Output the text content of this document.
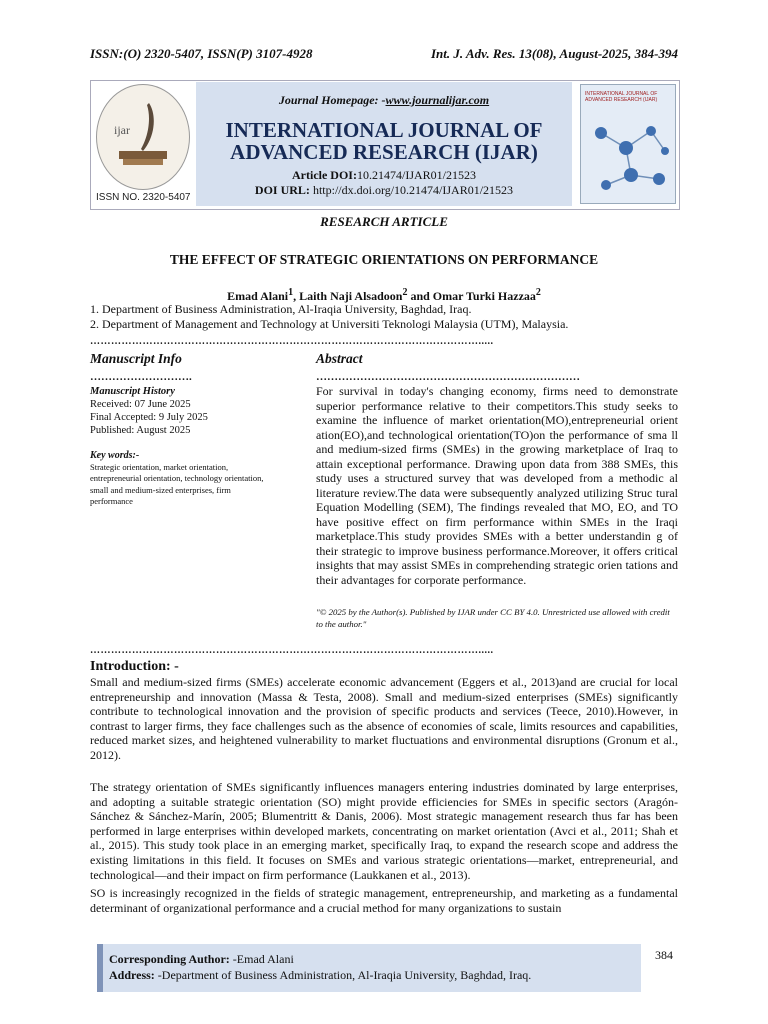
ISSN:(O) 2320-5407, ISSN(P) 3107-4928	Int. J. Adv. Res. 13(08), August-2025, 384-394
ijar
ISSN NO. 2320-5407
Journal Homepage: -www.journalijar.com
INTERNATIONAL JOURNAL OF
ADVANCED RESEARCH (IJAR)
Article DOI:10.21474/IJAR01/21523
DOI URL: http://dx.doi.org/10.21474/IJAR01/21523
INTERNATIONAL JOURNAL OF ADVANCED RESEARCH (IJAR)
RESEARCH ARTICLE
THE EFFECT OF STRATEGIC ORIENTATIONS ON PERFORMANCE
Emad Alani$^1$, Laith Naji Alsadoon$^2$ and Omar Turki Hazzaa$^2$
1. Department of Business Administration, Al-Iraqia University, Baghdad, Iraq.
2. Department of Management and Technology at Universiti Teknologi Malaysia (UTM), Malaysia.
………………………………………………………………………………………………….....
Manuscript Info	Abstract
……………………….	………………………………………………………………
Manuscript History
Received: 07 June 2025
Final Accepted: 9 July 2025
Published: August 2025
Key words:-
Strategic orientation, market orientation, entrepreneurial orientation, technology orientation, small and medium-sized enterprises, firm performance
For survival in today's changing economy, firms need to demonstrate superior performance relative to their competitors.This study seeks to examine the influence of market orientation(MO),entrepreneurial orient ation(EO),and technological orientation(TO)on the performance of sma ll and medium-sized firms (SMEs) in the growing marketplace of Iraq to attain exceptional performance. Drawing upon data from 388 SMEs, this study uses a structured survey that was developed from a methodic al literature review.The data were subsequently analyzed utilizing Struc tural Equation Modelling (SEM), The findings revealed that MO, EO, and TO have positive effect on firm performance within SMEs in the Iraqi marketplace.This study provides SMEs with a better understandin g of their strategic to improve business performance.Moreover, it offers critical insights that may assist SMEs in comprehending strategic orien tations and their advantages for corporate performance.
"© 2025 by the Author(s). Published by IJAR under CC BY 4.0. Unrestricted use allowed with credit to the author."
………………………………………………………………………………………………….....
Introduction: -
Small and medium-sized firms (SMEs) accelerate economic advancement (Eggers et al., 2013)and are crucial for local entrepreneurship and innovation (Massa & Testa, 2008). Small and medium-sized enterprises (SMEs) significantly contribute to technological innovation and the provision of specific products and services (Teece, 2010).However, in contrast to larger firms, they face challenges such as the absence of economies of scale, limits resources and capabilities, reduced market sizes, and heightened vulnerability to market fluctuations and environmental disruptions (Gronum et al., 2012).
The strategy orientation of SMEs significantly influences managers entering industries dominated by large enterprises, and adopting a suitable strategic orientation (SO) might provide efficiencies for SMEs in specific sectors (Aragón-Sánchez & Sánchez-Marín, 2005; Blumentritt & Danis, 2006). Most strategic management research thus far has been performed in large enterprises within developed markets, concentrating on market orientation (Avci et al., 2011; Shah et al., 2015). This study took place in an emerging market, specifically Iraq, to expand the research scope and address the existing limitations in this field. It focuses on SMEs and various strategic orientations—market, entrepreneurial, and technological—and their impact on firm performance (Laukkanen et al., 2013).
SO is increasingly recognized in the fields of strategic management, entrepreneurship, and marketing as a fundamental determinant of organizational performance and a crucial method for many organizations to sustain
Corresponding Author: -Emad Alani
Address: -Department of Business Administration, Al-Iraqia University, Baghdad, Iraq.
384
